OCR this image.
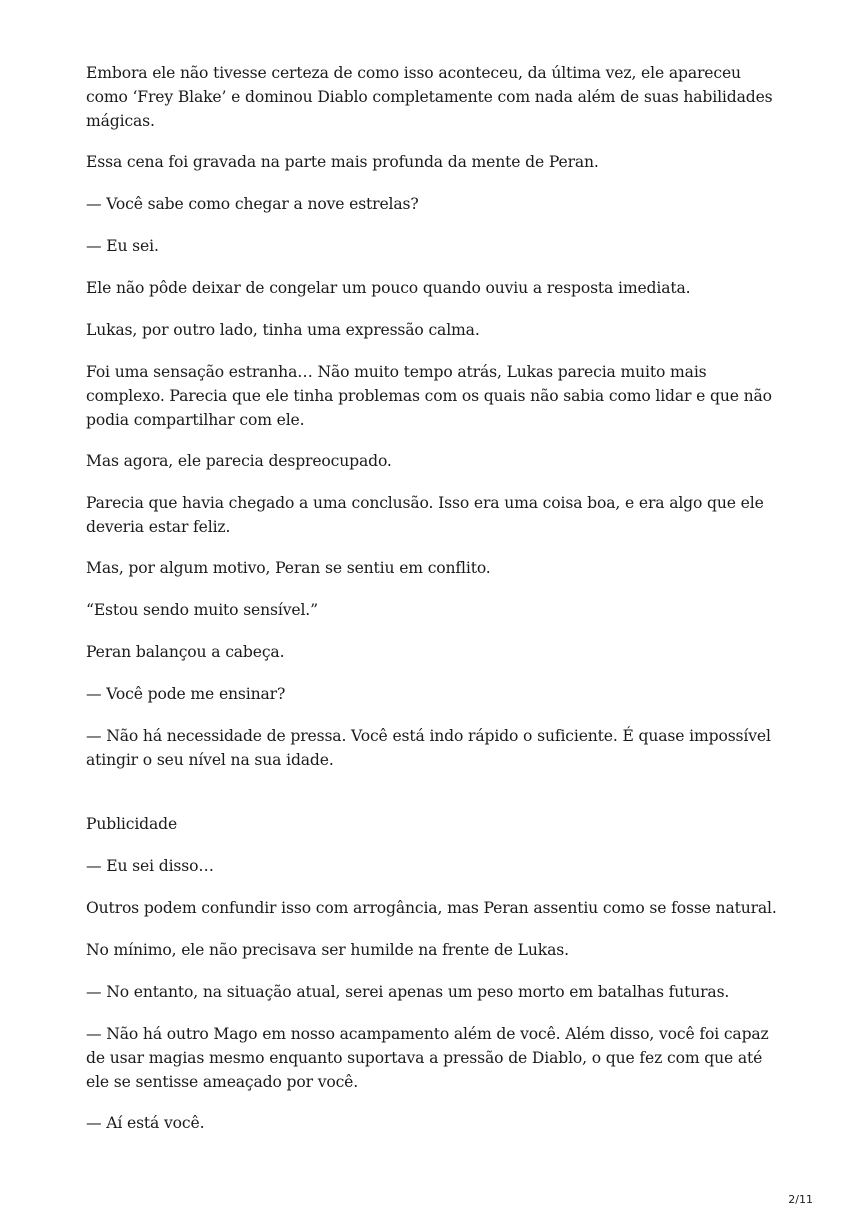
Embora ele não tivesse certeza de como isso aconteceu, da última vez, ele apareceu como ‘Frey Blake’ e dominou Diablo completamente com nada além de suas habilidades mágicas.

Essa cena foi gravada na parte mais profunda da mente de Peran.

— Você sabe como chegar a nove estrelas?

— Eu sei.

Ele não pôde deixar de congelar um pouco quando ouviu a resposta imediata.

Lukas, por outro lado, tinha uma expressão calma.

Foi uma sensação estranha… Não muito tempo atrás, Lukas parecia muito mais complexo. Parecia que ele tinha problemas com os quais não sabia como lidar e que não podia compartilhar com ele.

Mas agora, ele parecia despreocupado.

Parecia que havia chegado a uma conclusão. Isso era uma coisa boa, e era algo que ele deveria estar feliz.

Mas, por algum motivo, Peran se sentiu em conflito.

“Estou sendo muito sensível.”

Peran balançou a cabeça.

— Você pode me ensinar?

— Não há necessidade de pressa. Você está indo rápido o suficiente. É quase impossível atingir o seu nível na sua idade.

Publicidade

— Eu sei disso…

Outros podem confundir isso com arrogância, mas Peran assentiu como se fosse natural.

No mínimo, ele não precisava ser humilde na frente de Lukas.

— No entanto, na situação atual, serei apenas um peso morto em batalhas futuras.

— Não há outro Mago em nosso acampamento além de você. Além disso, você foi capaz de usar magias mesmo enquanto suportava a pressão de Diablo, o que fez com que até ele se sentisse ameaçado por você.

— Aí está você.

2/11
